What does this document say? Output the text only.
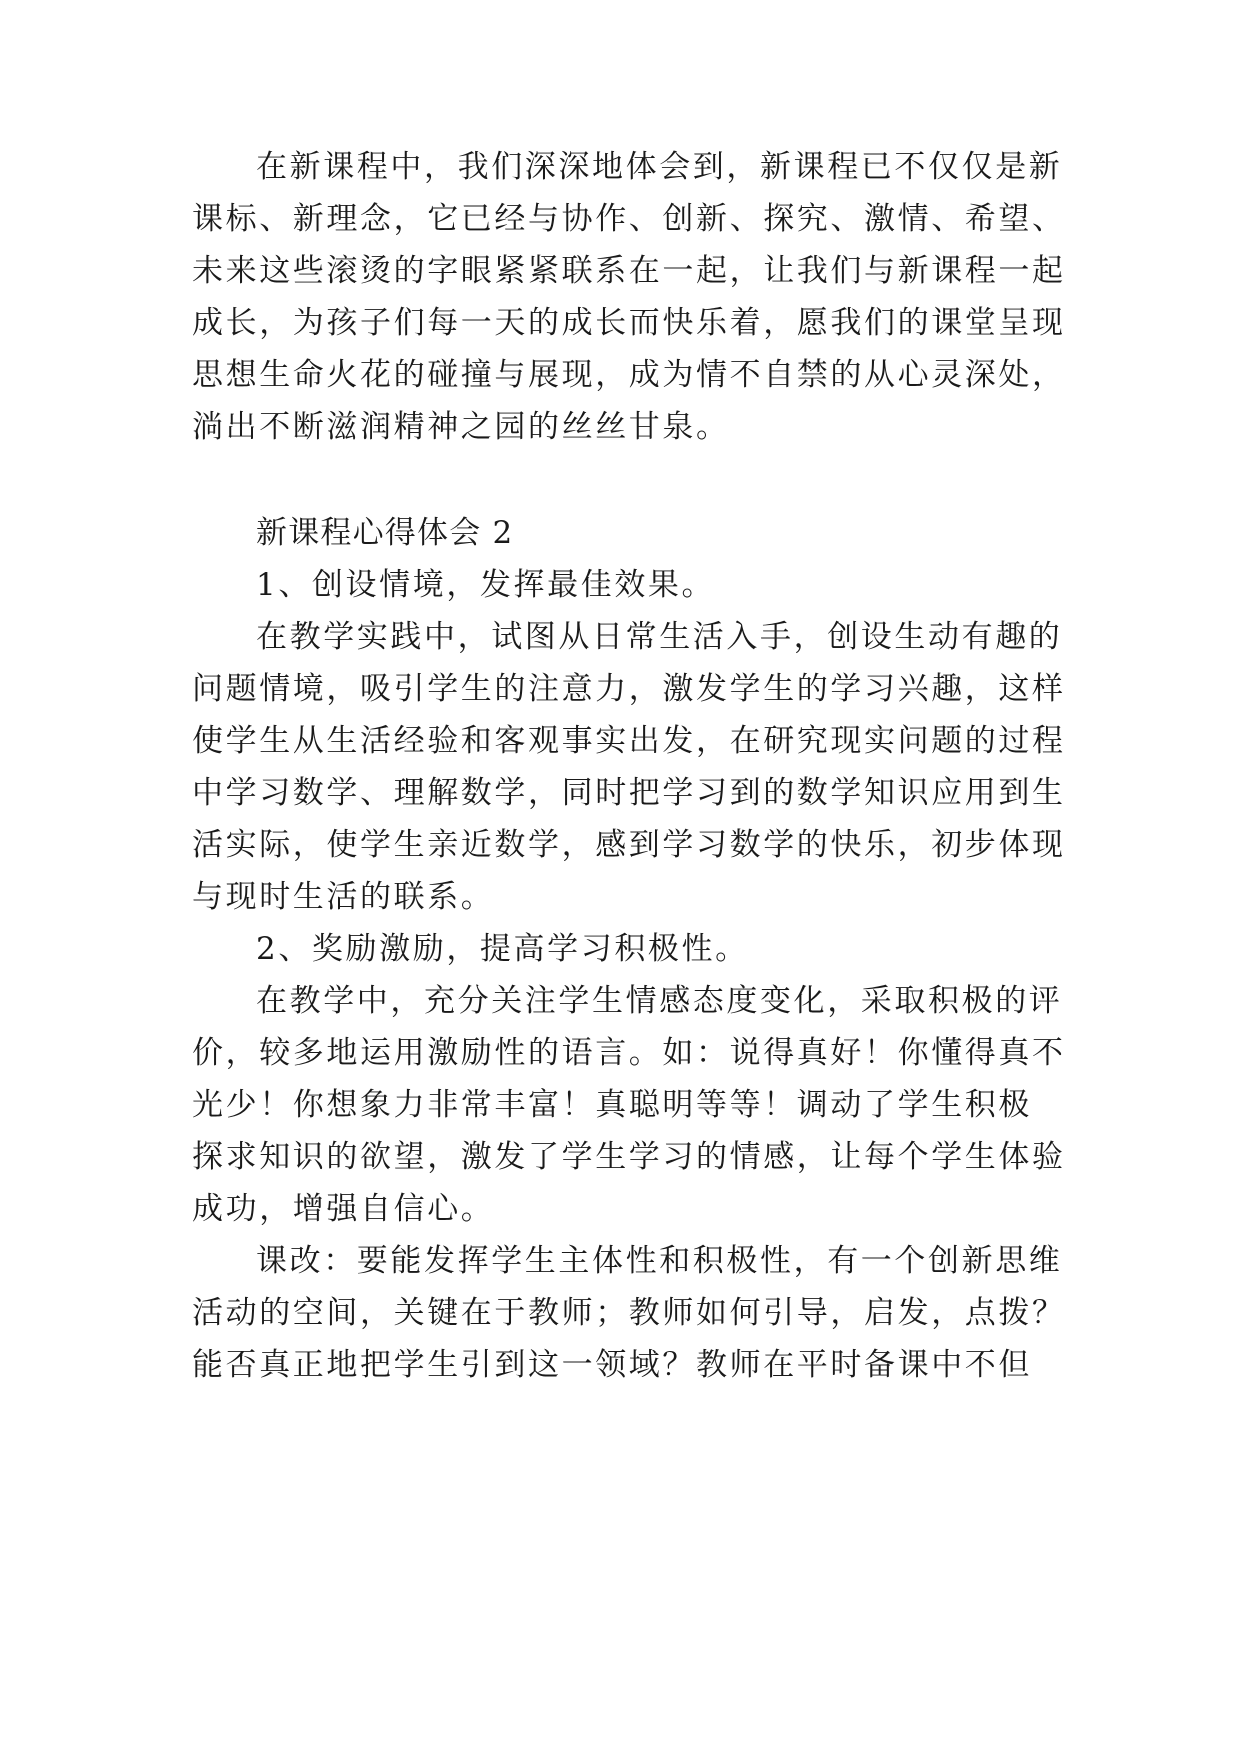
在新课程中，我们深深地体会到，新课程已不仅仅是新
课标、新理念，它已经与协作、创新、探究、激情、希望、
未来这些滚烫的字眼紧紧联系在一起，让我们与新课程一起
成长，为孩子们每一天的成长而快乐着，愿我们的课堂呈现
思想生命火花的碰撞与展现，成为情不自禁的从心灵深处，
淌出不断滋润精神之园的丝丝甘泉。
新课程心得体会 2
1、创设情境，发挥最佳效果。
在教学实践中，试图从日常生活入手，创设生动有趣的
问题情境，吸引学生的注意力，激发学生的学习兴趣，这样
使学生从生活经验和客观事实出发，在研究现实问题的过程
中学习数学、理解数学，同时把学习到的数学知识应用到生
活实际，使学生亲近数学，感到学习数学的快乐，初步体现
与现时生活的联系。
2、奖励激励，提高学习积极性。
在教学中，充分关注学生情感态度变化，采取积极的评
价，较多地运用激励性的语言。如：说得真好！你懂得真不
光少！你想象力非常丰富！真聪明等等！调动了学生积极
探求知识的欲望，激发了学生学习的情感，让每个学生体验
成功，增强自信心。
课改：要能发挥学生主体性和积极性，有一个创新思维
活动的空间，关键在于教师；教师如何引导，启发，点拨？
能否真正地把学生引到这一领域？教师在平时备课中不但
